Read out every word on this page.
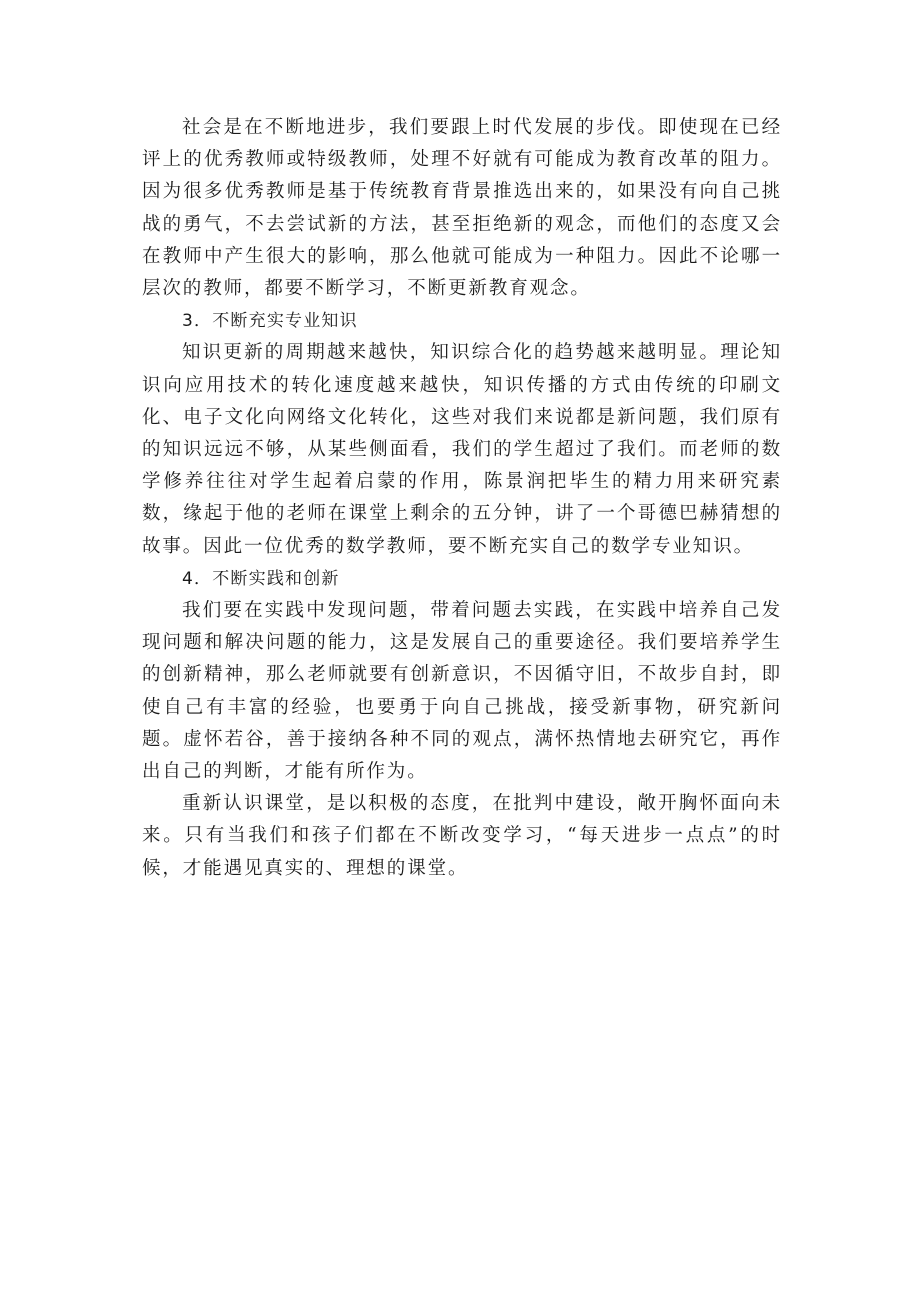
社会是在不断地进步，我们要跟上时代发展的步伐。即使现在已经评上的优秀教师或特级教师，处理不好就有可能成为教育改革的阻力。因为很多优秀教师是基于传统教育背景推选出来的，如果没有向自己挑战的勇气，不去尝试新的方法，甚至拒绝新的观念，而他们的态度又会在教师中产生很大的影响，那么他就可能成为一种阻力。因此不论哪一层次的教师，都要不断学习，不断更新教育观念。

3．不断充实专业知识

知识更新的周期越来越快，知识综合化的趋势越来越明显。理论知识向应用技术的转化速度越来越快，知识传播的方式由传统的印刷文化、电子文化向网络文化转化，这些对我们来说都是新问题，我们原有的知识远远不够，从某些侧面看，我们的学生超过了我们。而老师的数学修养往往对学生起着启蒙的作用，陈景润把毕生的精力用来研究素数，缘起于他的老师在课堂上剩余的五分钟，讲了一个哥德巴赫猜想的故事。因此一位优秀的数学教师，要不断充实自己的数学专业知识。

4．不断实践和创新

我们要在实践中发现问题，带着问题去实践，在实践中培养自己发现问题和解决问题的能力，这是发展自己的重要途径。我们要培养学生的创新精神，那么老师就要有创新意识，不因循守旧，不故步自封，即使自己有丰富的经验，也要勇于向自己挑战，接受新事物，研究新问题。虚怀若谷，善于接纳各种不同的观点，满怀热情地去研究它，再作出自己的判断，才能有所作为。

重新认识课堂，是以积极的态度，在批判中建设，敞开胸怀面向未来。只有当我们和孩子们都在不断改变学习，“每天进步一点点”的时候，才能遇见真实的、理想的课堂。
